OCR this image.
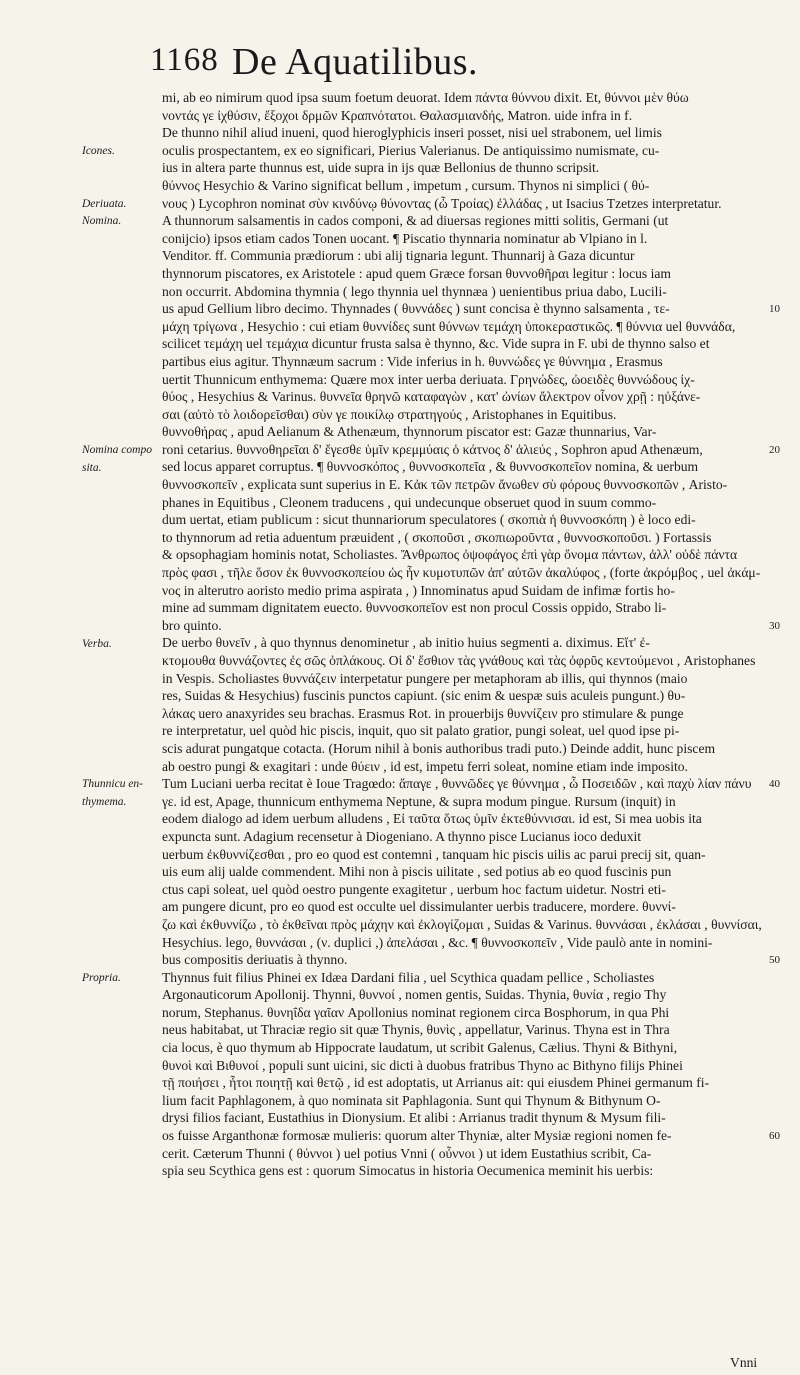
1168 De Aquatilibus.
mi, ab eo nimirum quod ipsa suum foetum deuorat. Idem πάντα θύννου dixit. Et, θύννοι μὲν θύω
νοντάς γε ἰχθύσιν, ἔξοχοι δρμῶν Κραπνότατοι. Θαλασμιανδής, Matron. uide infra in f.
De thunno nihil aliud inueni, quod hieroglyphicis inseri posset, nisi uel strabonem, uel limis
oculis prospectantem, ex eo significari, Pierius Valerianus. De antiquissimo numismate, cu-
ius in altera parte thunnus est, uide supra in ijs quæ Bellonius de thunno scripsit.
θύννος Hesychio & Varino significat bellum , impetum , cursum. Thynos ni simplici ( θύ-
νους ) Lycophron nominat σὺν κινδύνῳ θύνοντας (ὦ Τροίας) ἐλλάδας , ut Isacius Tzetzes interpretatur.
A thunnorum salsamentis in cados componi, & ad diuersas regiones mitti solitis, Germani (ut
conijcio) ipsos etiam cados Tonen uocant. ¶ Piscatio thynnaria nominatur ab Vlpiano in l.
Venditor. ff. Communia prædiorum : ubi alij tignaria legunt. Thunnarij à Gaza dicuntur
thynnorum piscatores, ex Aristotele : apud quem Græce forsan θυννοθῆραι legitur : locus iam
non occurrit. Abdomina thymnia ( lego thynnia uel thynnæa ) uenientibus priua dabo, Lucili-
us apud Gellium libro decimo. Thynnades ( θυννάδες ) sunt concisa è thynno salsamenta , τε-
μάχη τρίγωνα , Hesychio : cui etiam θυννίδες sunt θύννων τεμάχη ὑποκεραστικῶς. ¶ θύννια uel θυννάδα,
scilicet τεμάχη uel τεμάχια dicuntur frusta salsa è thynno, &c. Vide supra in F. ubi de thynno salso et
partibus eius agitur. Thynnæum sacrum : Vide inferius in h. θυννώδες γε θύννημα , Erasmus
uertit Thunnicum enthymema: Quære mox inter uerba deriuata. Γρηνώδες, ὠοειδὲς θυννώδους ἰχ-
θύος , Hesychius & Varinus. θυννεῖα θρηνῶ καταφαγὼν , κατ' ὠνίων ἄλεκτρον οἶνον χρῇ : ηὐξάνε-
σαι (αὐτὸ τὸ λοιδορεῖσθαι) σὺν γε ποικίλῳ στρατηγούς , Aristophanes in Equitibus.
θυννοθήρας , apud Aelianum & Athenæum, thynnorum piscator est: Gazæ thunnarius, Var-
roni cetarius. θυννοθηρεῖαι δ' ἔγεσθε ὑμῖν κρεμμύαις ὁ κάτνος δ' ἀλιεύς , Sophron apud Athenæum,
sed locus apparet corruptus. ¶ θυννοσκόπος , θυννοσκοπεῖα , & θυννοσκοπεῖον nomina, & uerbum
θυννοσκοπεῖν , explicata sunt superius in E. Κἀκ τῶν πετρῶν ἄνωθεν σὺ φόρους θυννοσκοπῶν , Aristo-
phanes in Equitibus , Cleonem traducens , qui undecunque obseruet quod in suum commo-
dum uertat, etiam publicum : sicut thunnariorum speculatores ( σκοπιὰ ἡ θυννοσκόπη ) è loco edi-
to thynnorum ad retia aduentum præuident , ( σκοποῦσι , σκοπιωροῦντα , θυννοσκοποῦσι. ) Fortassis
& opsophagiam hominis notat, Scholiastes. Ἄνθρωπος ὀψοφάγος ἐπὶ γὰρ ὄνομα πάντων, ἀλλ' οὐδὲ πάντα
πρὸς φασι , τῆλε ὅσον ἐκ θυννοσκοπείου ὡς ἦν κυμοτυπῶν ἀπ' αὐτῶν ἀκαλύφος , (forte ἀκρόμβος , uel ἀκάμ-
νος in alterutro aoristo medio prima aspirata , ) Innominatus apud Suidam de infimæ fortis ho-
mine ad summam dignitatem euecto. θυννοσκοπεῖον est non procul Cossis oppido, Strabo li-
bro quinto.
De uerbo θυνεῖν , à quo thynnus denominetur , ab initio huius segmenti a. diximus. Εἴτ' ἐ-
κτομουθα θυννάζοντες ἐς σῶς ὀπλάκους. Οἱ δ' ἔσθιον τὰς γνάθους καὶ τὰς ὀφρῦς κεντούμενοι , Aristophanes
in Vespis. Scholiastes θυννάζειν interpetatur pungere per metaphoram ab illis, qui thynnos (maio
res, Suidas & Hesychius) fuscinis punctos capiunt. (sic enim & uespæ suis aculeis pungunt.) θυ-
λάκας uero anaxyrides seu brachas. Erasmus Rot. in prouerbijs θυννίζειν pro stimulare & punge
re interpretatur, uel quòd hic piscis, inquit, quo sit palato gratior, pungi soleat, uel quod ipse pi-
scis adurat pungatque cotacta. (Horum nihil à bonis authoribus tradi puto.) Deinde addit, hunc piscem
ab oestro pungi & exagitari : unde θύειν , id est, impetu ferri soleat, nomine etiam inde imposito.
Tum Luciani uerba recitat è Ioue Tragœdo: ἄπαγε , θυννῶδες γε θύννημα , ὦ Ποσειδῶν , καὶ παχὺ λίαν πάνυ
γε. id est, Apage, thunnicum enthymema Neptune, & supra modum pingue. Rursum (inquit) in
eodem dialogo ad idem uerbum alludens , Εἰ ταῦτα ὅτως ὑμῖν ἐκτεθύννισαι. id est, Si mea uobis ita
expuncta sunt. Adagium recensetur à Diogeniano. A thynno pisce Lucianus ioco deduxit
uerbum ἐκθυννίζεσθαι , pro eo quod est contemni , tanquam hic piscis uilis ac parui precij sit, quan-
uis eum alij ualde commendent. Mihi non à piscis uilitate , sed potius ab eo quod fuscinis pun
ctus capi soleat, uel quòd oestro pungente exagitetur , uerbum hoc factum uidetur. Nostri eti-
am pungere dicunt, pro eo quod est occulte uel dissimulanter uerbis traducere, mordere. θυννί-
ζω καὶ ἐκθυννίζω , τὸ ἐκθεῖναι πρὸς μάχην καὶ ἐκλογίζομαι , Suidas & Varinus. θυννάσαι , ἐκλάσαι , θυννίσαι,
Hesychius. lego, θυννάσαι , (ν. duplici ,) ἀπελάσαι , &c. ¶ θυννοσκοπεῖν , Vide paulò ante in nomini-
bus compositis deriuatis à thynno.
Thynnus fuit filius Phinei ex Idæa Dardani filia , uel Scythica quadam pellice , Scholiastes
Argonauticorum Apollonij. Thynni, θυννοί , nomen gentis, Suidas. Thynia, θυνία , regio Thy
norum, Stephanus. θυνηΐδα γαῖαν Apollonius nominat regionem circa Bosphorum, in qua Phi
neus habitabat, ut Thraciæ regio sit quæ Thynis, θυνὶς , appellatur, Varinus. Thyna est in Thra
cia locus, è quo thymum ab Hippocrate laudatum, ut scribit Galenus, Cælius. Thyni & Bithyni,
θυνοὶ καὶ Βιθυνοί , populi sunt uicini, sic dicti à duobus fratribus Thyno ac Bithyno filijs Phinei
τῇ ποιήσει , ἦτοι ποιητῇ καὶ θετῷ , id est adoptatis, ut Arrianus ait: qui eiusdem Phinei germanum fi-
lium facit Paphlagonem, à quo nominata sit Paphlagonia. Sunt qui Thynum & Bithynum O-
drysi filios faciant, Eustathius in Dionysium. Et alibi : Arrianus tradit thynum & Mysum fili-
os fuisse Arganthonæ formosæ mulieris: quorum alter Thyniæ, alter Mysiæ regioni nomen fe-
cerit. Cæterum Thunni ( θύννοι ) uel potius Vnni ( οὖννοι ) ut idem Eustathius scribit, Ca-
spia seu Scythica gens est : quorum Simocatus in historia Oecumenica meminit his uerbis:
Icones.
Deriuata.
Nomina.
Nomina compo
sita.
Verba.
Thunnicu en-
thymema.
Propria.
10
20
30
40
50
60
Vnni
